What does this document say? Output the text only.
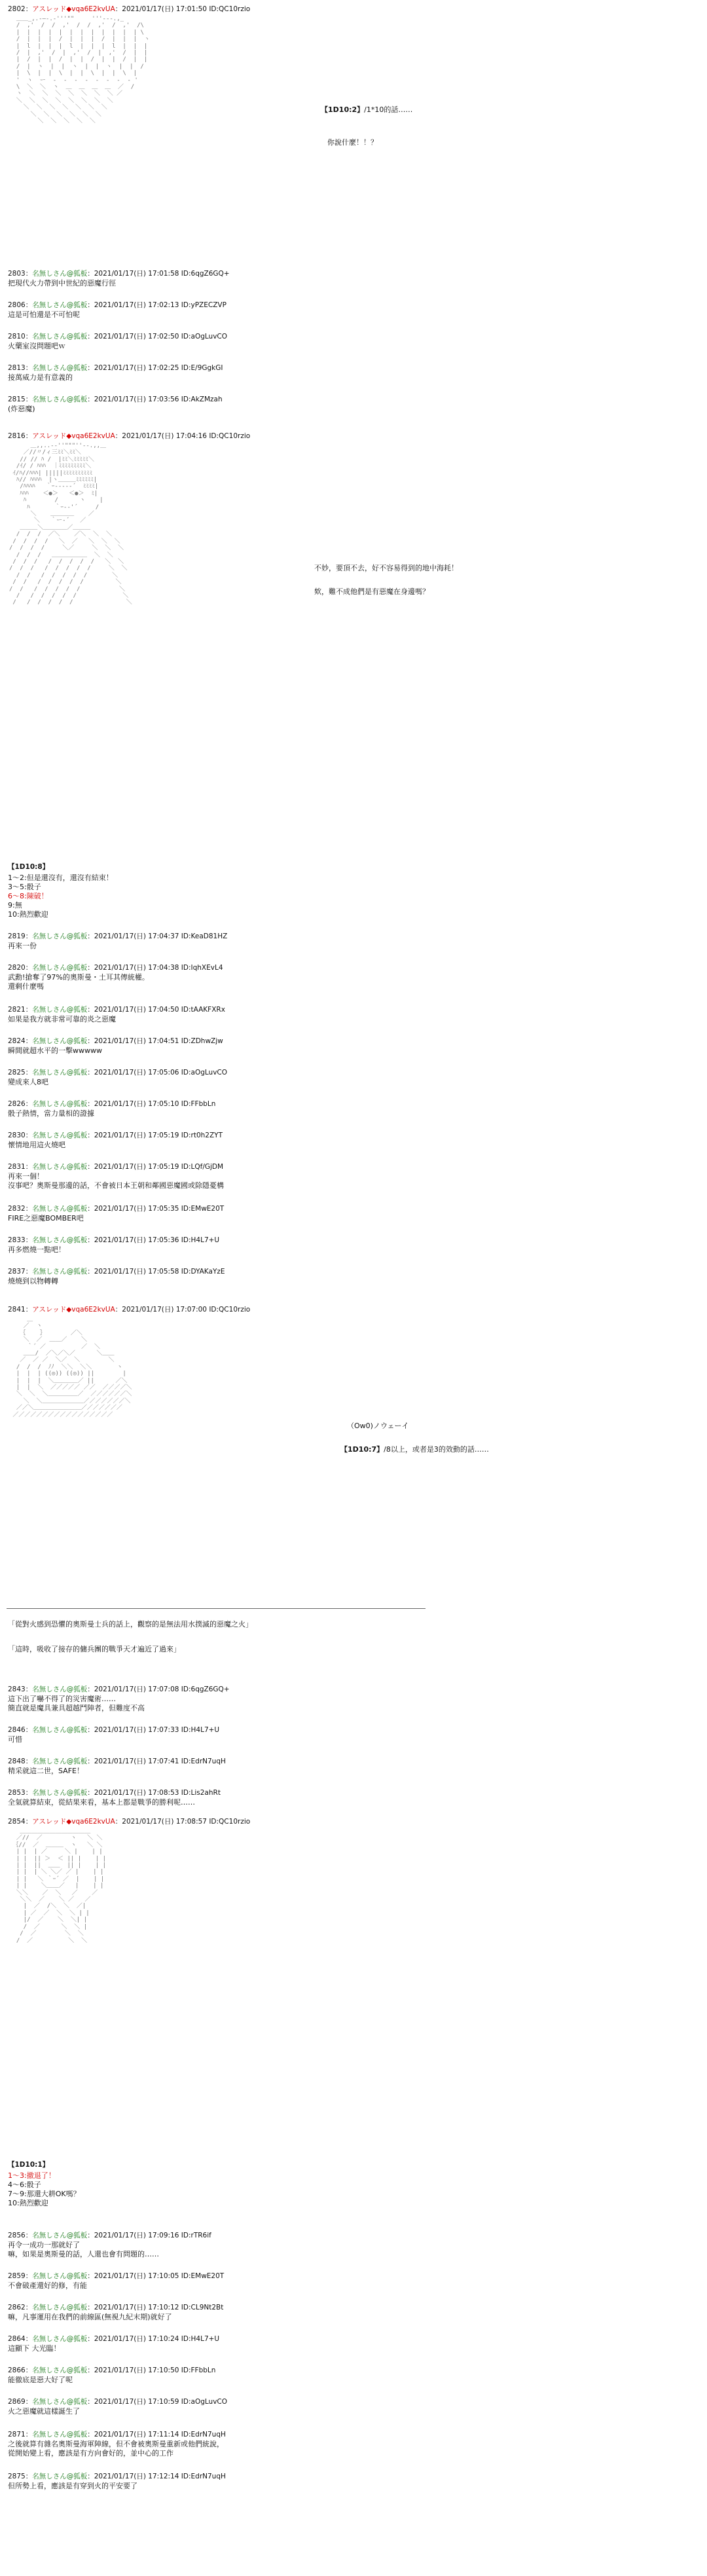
2802：アスレッド◆vqa6E2kvUA：2021/01/17(日) 17:01:50 ID:QC10rzio
＿＿_,.-―‐.-'''""￣￣￣'''‐--.,_
/  ,'  /  /  ,'  /  /  ,'  /  ,'  /\
|  |  |  |  |  |  |  |  |  |  |  | \
/  |  |  |  /  |  |  |  /  |  |  |  ヽ
|  l  |  |  |  l  |  |  |  l  |  |  |
/  |  ,'  /  |  ,'  /  |  ,'  /  |  |
|  /  |  |  /  |  |  /  |  |  /  |  |
/  |  ヽ  |  |  ヽ  |  |  ヽ  |  |  /
|  \  |  |  \  |  |  \  |  |  \  |
'  ヽ  ー  -  ‐  ‐  ‐  ‐  ‐  ‐  ‐ '
\  ＼  ＼  ヽ  ＿  ＿  ＿  ＿  ／  /
ヽ  ＼  ＼  ＼  ＼  ＼  ＼  ＼ ／
＼  ＼  ＼  ＼  ＼  ＼  ＼  ＼
＼  ＼  ＼  ＼  ＼  ＼  ＼
＼  ＼  ＼  ＼  ＼  ＼
＼  ＼  ＼  ＼  ＼
【1D10:2】/1*10的話……
你說什麼！！？
2803：名無しさん@狐板：2021/01/17(日) 17:01:58 ID:6qgZ6GQ+
把現代火力帶到中世紀的惡魔行徑
2806：名無しさん@狐板：2021/01/17(日) 17:02:13 ID:yPZECZVP
這是可怕還是不可怕呢
2810：名無しさん@狐板：2021/01/17(日) 17:02:50 ID:aOgLuvCO
火藥室沒問題吧ｗ
2813：名無しさん@狐板：2021/01/17(日) 17:02:25 ID:E/9GgkGI
接萬威力是有意義的
2815：名無しさん@狐板：2021/01/17(日) 17:03:56 ID:AkZMzah
(炸惡魔)
2816：アスレッド◆vqa6E2kvUA：2021/01/17(日) 17:04:16 ID:QC10rzio
＿,,..-‐''"""''‐-.,,＿
／//〃/ィ三ﾐﾐ＼ﾐﾐ＼
// // ﾊ /  |ﾐﾐ＼ﾐﾐﾐﾐﾐ＼
/ｲ/ / ﾊﾊﾊ  ｜ﾐﾐﾐﾐﾐﾐﾐﾐﾐ＼
ｲ/ﾊ//ﾊﾊﾊ| |||||ﾐﾐﾐﾐﾐﾐﾐﾐﾐﾐ
ﾊ// ﾊﾊﾊﾊ  |ヽ＿＿＿ﾐﾐﾐﾐﾐﾐ|
/ﾊﾊﾊﾊ   ｀ｰ---‐‐´  ﾐﾐﾐﾐ|
ﾊﾊﾊ    ＜●＞   ＜●＞  ﾐ|
ﾊ        /      ヽ    |
ﾊ       ｀ｰ‐‐'´     /
＼    ＿＿＿＿    ／
＼   ｀ー‐´   ／
＿＿＿＼＿＿＿＿／＿＿＿
/  /  /  ／＼    ／＼  ＼  ＼
/  /  /  /   ＼  ／   ＼  ＼  ＼
/  /  /  /     ＼／     ＼  ＼  ＼
/  /  /   ＿＿＿＿＿＿  ＼  ＼
/  /  /   /  /  /  /  /   ＼  ＼
/  /  /   /  /  /  /  /     ＼  ＼
/  /   /  /  /  /  /       ＼
/  /   /  /  /  /  /         ＼
/  /   /  /  /  /  /           ＼
/   /  /  /  /  /             ＼
/   /  /  /  /  /               ＼
不妙，要頂不去，好不容易得到的地中海耗！
欸，難不成他們是有惡魔在身邊嗎？
【1D10:8】
1〜2:但是還沒有，還沒有結束！
3〜5:骰子
6〜8:陳破！
9:無
10:熱烈歡迎
2819：名無しさん@狐板：2021/01/17(日) 17:04:37 ID:KeaD81HZ
再來一份
2820：名無しさん@狐板：2021/01/17(日) 17:04:38 ID:IqhXEvL4
武勳!搶奪了97%的奧斯曼・土耳其傳統權。
還剩什麼嗎
2821：名無しさん@狐板：2021/01/17(日) 17:04:50 ID:tAAKFXRx
如果是我方就非常可靠的炎之惡魔
2824：名無しさん@狐板：2021/01/17(日) 17:04:51 ID:ZDhwZjw
瞬間就超水平的一擊wwwww
2825：名無しさん@狐板：2021/01/17(日) 17:05:06 ID:aOgLuvCO
變成來人8吧
2826：名無しさん@狐板：2021/01/17(日) 17:05:10 ID:FFbbLn
骰子熱情，當力量相的證據
2830：名無しさん@狐板：2021/01/17(日) 17:05:19 ID:rt0h2ZYT
懷情地用這火燒吧
2831：名無しさん@狐板：2021/01/17(日) 17:05:19 ID:LQf/GjDM
再來一個！
沒事吧？奧斯曼那邊的話，不會被日本王朝和鄰國惡魔國或除隱憂構
2832：名無しさん@狐板：2021/01/17(日) 17:05:35 ID:EMwE20T
FIRE之惡魔BOMBER吧
2833：名無しさん@狐板：2021/01/17(日) 17:05:36 ID:H4L7+U
再多燃燒一點吧！
2837：名無しさん@狐板：2021/01/17(日) 17:05:58 ID:DYAKaYzE
燒燒到以物轉轉
2841：アスレッド◆vqa6E2kvUA：2021/01/17(日) 17:07:00 ID:QC10rzio
＿
／  ヽ
｛    ｝       ／＼
＼  ／  ＿＿／    ＼
｀´ ／          ／  ＼
＿＿/  ／＼／＼／      ＼＿＿
／  ／ ／  ＼／  ＼        ＼
/  /  /  ﾉﾉ  ＼＼  ＼＼       ヽ
|  |  | ((◎)) ((◎)) ||        |
|  |  |  ＼＿＿＿＿／ ||      ／＼
|  |  ＼  ／／／／／ ／／  ／／／／＼
＼  ＼  ＼＿＿＿＿＿／  ／／／／／／＼
＼  ＼＿＿＿＿＿＿＿／／／／／／／＼
／／＼＿＿＿＿＿＿＿＿／／／／／／／
／／／／／／／／／／／／／／／／／
（Ow0)ノウェーイ
【1D10:7】/8以上，或者是3的效動的話……
「從對火感到恐懼的奧斯曼士兵的話上，觀察的是無法用水撲滅的惡魔之火」
「這時，吸收了接存的傭兵團的戰爭天才遍近了過來」
2843：名無しさん@狐板：2021/01/17(日) 17:07:08 ID:6qgZ6GQ+
這下出了嚇不得了的災害魔術……
簡直就是魔具兼具超越鬥陣者，但難度不高
2846：名無しさん@狐板：2021/01/17(日) 17:07:33 ID:H4L7+U
可惜
2848：名無しさん@狐板：2021/01/17(日) 17:07:41 ID:EdrN7uqH
精采就這二世，SAFE！
2853：名無しさん@狐板：2021/01/17(日) 17:08:53 ID:Lis2ahRt
全氣就算結束，從結果來看，基本上都是戰爭的勝利呢……
2854：アスレッド◆vqa6E2kvUA：2021/01/17(日) 17:08:57 ID:QC10rzio
＿＿＿＿＿＿＿＿＿＿＿＿
／//  ／        ヽ   ＼ ＼
｛//  ／  ＿＿＿  ヽ   ＼ ＼
| |  | ／     ＼ |    | |
| |  || ＞  ＜ || |    | |
| |  ||  ＿＿  || |    | |
| |  | ＼ ＼／ ／ |    | |
| |   ＼ ｀ｰ´ ／  |    | |
| |    ＼＿＿／   |    | |
＼＼    ／  ＼   ／    ／
＼＼  ／    ＼ ／   ／
|  ／  /＼  ＼  ／|
| ／  ／  ＼  ＼ | |
|/  ／    ＼  ＼| |
/  ／      ＼  ＼ |
/  ／        ＼  ＼
/  ／          ＼  ＼
【1D10:1】
1〜3:撤退了！
4〜6:骰子
7〜9:那還大耕OK嗎？
10:熱烈歡迎
2856：名無しさん@狐板：2021/01/17(日) 17:09:16 ID:rTR6if
再令一成功一那就好了
嘛，如果是奧斯曼的話，人還也會有問題的……
2859：名無しさん@狐板：2021/01/17(日) 17:10:05 ID:EMwE20T
不會破產還好的修，有能
2862：名無しさん@狐板：2021/01/17(日) 17:10:12 ID:CL9Nt2Bt
嘛，凡事運用在我們的前線區(無視九紀末期)就好了
2864：名無しさん@狐板：2021/01/17(日) 17:10:24 ID:H4L7+U
這顯下 大光臨！
2866：名無しさん@狐板：2021/01/17(日) 17:10:50 ID:FFbbLn
能徹底是惡大好了呢
2869：名無しさん@狐板：2021/01/17(日) 17:10:59 ID:aOgLuvCO
火之惡魔就這樣誕生了
2871：名無しさん@狐板：2021/01/17(日) 17:11:14 ID:EdrN7uqH
之後就算有雜名奧斯曼海軍陣線，但不會被奧斯曼重新或他們統說，
從開始變上看，應該是有方向會好的，並中心的工作
2875：名無しさん@狐板：2021/01/17(日) 17:12:14 ID:EdrN7uqH
但所勢上看，應該是有穿到火的平安要了
